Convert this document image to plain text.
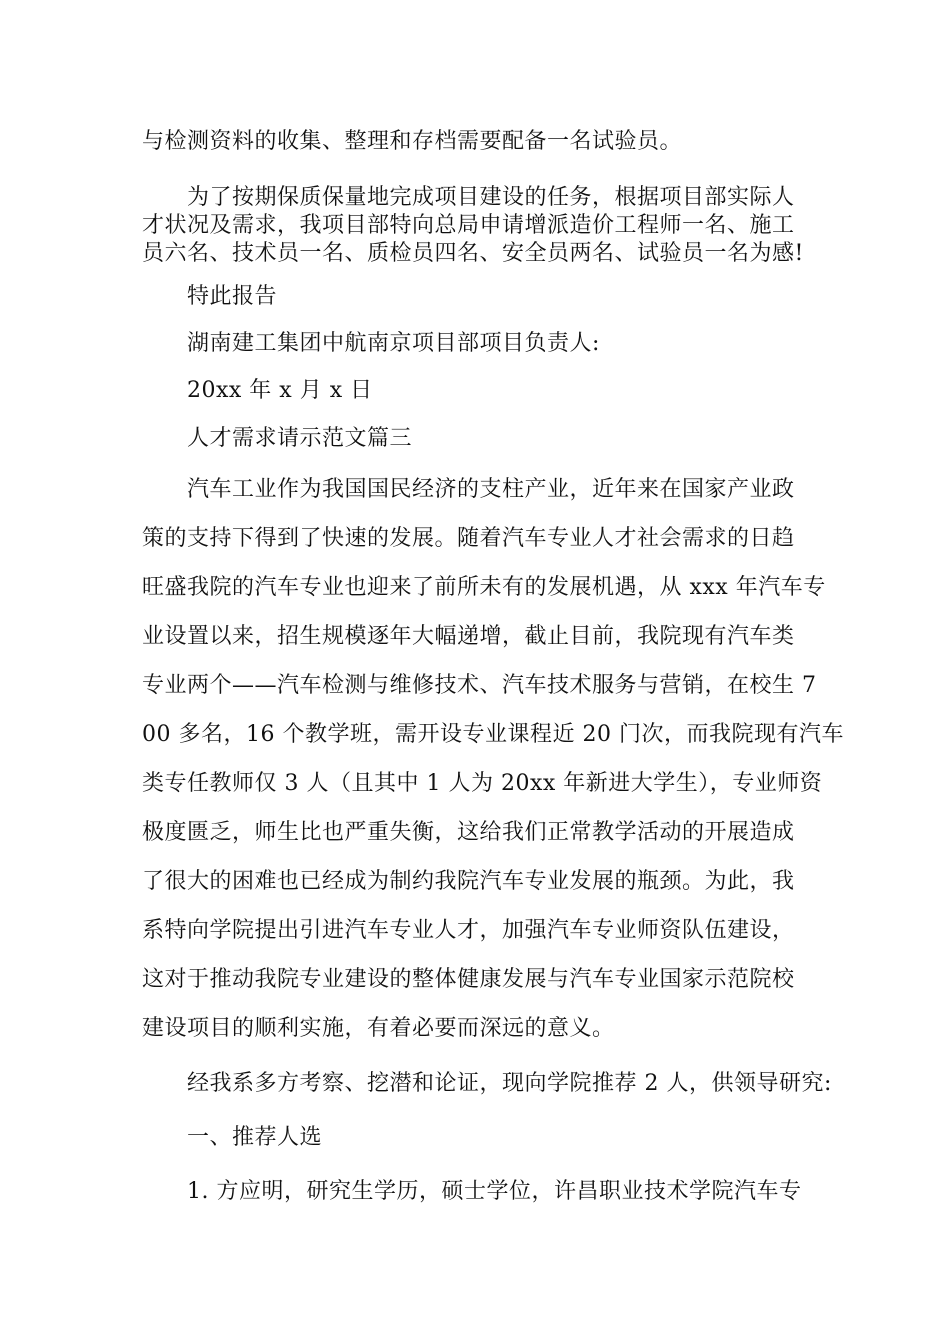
与检测资料的收集、整理和存档需要配备一名试验员。
为了按期保质保量地完成项目建设的任务，根据项目部实际人
才状况及需求，我项目部特向总局申请增派造价工程师一名、施工
员六名、技术员一名、质检员四名、安全员两名、试验员一名为感!
特此报告
湖南建工集团中航南京项目部项目负责人:
20xx 年 x 月 x 日
人才需求请示范文篇三
汽车工业作为我国国民经济的支柱产业，近年来在国家产业政
策的支持下得到了快速的发展。随着汽车专业人才社会需求的日趋
旺盛我院的汽车专业也迎来了前所未有的发展机遇，从 xxx 年汽车专
业设置以来，招生规模逐年大幅递增，截止目前，我院现有汽车类
专业两个——汽车检测与维修技术、汽车技术服务与营销，在校生 7
00 多名，16 个教学班，需开设专业课程近 20 门次，而我院现有汽车
类专任教师仅 3 人（且其中 1 人为 20xx 年新进大学生），专业师资
极度匮乏，师生比也严重失衡，这给我们正常教学活动的开展造成
了很大的困难也已经成为制约我院汽车专业发展的瓶颈。为此，我
系特向学院提出引进汽车专业人才，加强汽车专业师资队伍建设，
这对于推动我院专业建设的整体健康发展与汽车专业国家示范院校
建设项目的顺利实施，有着必要而深远的意义。
经我系多方考察、挖潜和论证，现向学院推荐 2 人，供领导研究:
一、推荐人选
1. 方应明，研究生学历，硕士学位，许昌职业技术学院汽车专
